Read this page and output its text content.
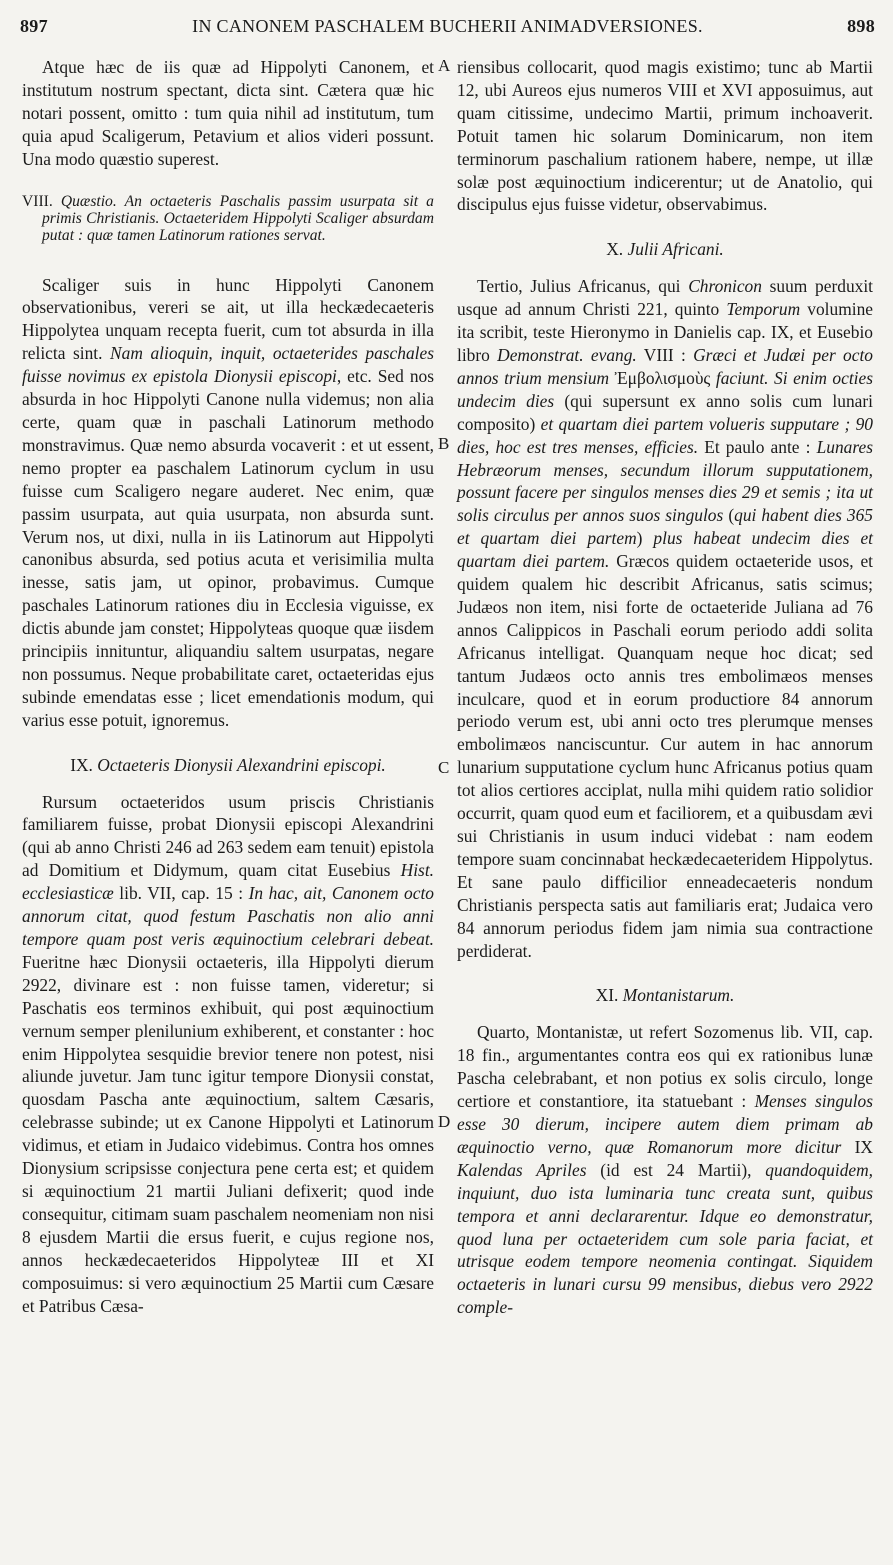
897	IN CANONEM PASCHALEM BUCHERII ANIMADVERSIONES.	898
A
B
C
D

Atque hæc de iis quæ ad Hippolyti Canonem, et institutum nostrum spectant, dicta sint. Cætera quæ hic notari possent, omitto : tum quia nihil ad institutum, tum quia apud Scaligerum, Petavium et alios videri possunt. Una modo quæstio superest.

VIII. Quæstio. An octaeteris Paschalis passim usurpata sit a primis Christianis. Octaeteridem Hippolyti Scaliger absurdam putat : quæ tamen Latinorum rationes servat.

Scaliger suis in hunc Hippolyti Canonem observationibus, vereri se ait, ut illa heckædecaeteris Hippolytea unquam recepta fuerit, cum tot absurda in illa relicta sint. Nam alioquin, inquit, octaeterides paschales fuisse novimus ex epistola Dionysii episcopi, etc. Sed nos absurda in hoc Hippolyti Canone nulla videmus; non alia certe, quam quæ in paschali Latinorum methodo monstravimus. Quæ nemo absurda vocaverit : et ut essent, nemo propter ea paschalem Latinorum cyclum in usu fuisse cum Scaligero negare auderet. Nec enim, quæ passim usurpata, aut quia usurpata, non absurda sunt. Verum nos, ut dixi, nulla in iis Latinorum aut Hippolyti canonibus absurda, sed potius acuta et verisimilia multa inesse, satis jam, ut opinor, probavimus. Cumque paschales Latinorum rationes diu in Ecclesia viguisse, ex dictis abunde jam constet; Hippolyteas quoque quæ iisdem principiis innituntur, aliquandiu saltem usurpatas, negare non possumus. Neque probabilitate caret, octaeteridas ejus subinde emendatas esse ; licet emendationis modum, qui varius esse potuit, ignoremus.

IX. Octaeteris Dionysii Alexandrini episcopi.

Rursum octaeteridos usum priscis Christianis familiarem fuisse, probat Dionysii episcopi Alexandrini (qui ab anno Christi 246 ad 263 sedem eam tenuit) epistola ad Domitium et Didymum, quam citat Eusebius Hist. ecclesiasticæ lib. VII, cap. 15 : In hac, ait, Canonem octo annorum citat, quod festum Paschatis non alio anni tempore quam post veris æquinoctium celebrari debeat. Fueritne hæc Dionysii octaeteris, illa Hippolyti dierum 2922, divinare est : non fuisse tamen, videretur; si Paschatis eos terminos exhibuit, qui post æquinoctium vernum semper plenilunium exhiberent, et constanter : hoc enim Hippolytea sesquidie brevior tenere non potest, nisi aliunde juvetur. Jam tunc igitur tempore Dionysii constat, quosdam Pascha ante æquinoctium, saltem Cæsaris, celebrasse subinde; ut ex Canone Hippolyti et Latinorum vidimus, et etiam in Judaico videbimus. Contra hos omnes Dionysium scripsisse conjectura pene certa est; et quidem si æquinoctium 21 martii Juliani defixerit; quod inde consequitur, citimam suam paschalem neomeniam non nisi 8 ejusdem Martii die ersus fuerit, e cujus regione nos, annos heckædecaeteridos Hippolyteæ III et XI composuimus: si vero æquinoctium 25 Martii cum Cæsare et Patribus Cæsa-

riensibus collocarit, quod magis existimo; tunc ab Martii 12, ubi Aureos ejus numeros VIII et XVI apposuimus, aut quam citissime, undecimo Martii, primum inchoaverit. Potuit tamen hic solarum Dominicarum, non item terminorum paschalium rationem habere, nempe, ut illæ solæ post æquinoctium indicerentur; ut de Anatolio, qui discipulus ejus fuisse videtur, observabimus.

X. Julii Africani.

Tertio, Julius Africanus, qui Chronicon suum perduxit usque ad annum Christi 221, quinto Temporum volumine ita scribit, teste Hieronymo in Danielis cap. IX, et Eusebio libro Demonstrat. evang. VIII : Græci et Judæi per octo annos trium mensium Ἐμβολισμοὺς faciunt. Si enim octies undecim dies (qui supersunt ex anno solis cum lunari composito) et quartam diei partem volueris supputare ; 90 dies, hoc est tres menses, efficies. Et paulo ante : Lunares Hebræorum menses, secundum illorum supputationem, possunt facere per singulos menses dies 29 et semis ; ita ut solis circulus per annos suos singulos (qui habent dies 365 et quartam diei partem) plus habeat undecim dies et quartam diei partem. Græcos quidem octaeteride usos, et quidem qualem hic describit Africanus, satis scimus; Judæos non item, nisi forte de octaeteride Juliana ad 76 annos Calippicos in Paschali eorum periodo addi solita Africanus intelligat. Quanquam neque hoc dicat; sed tantum Judæos octo annis tres embolimæos menses inculcare, quod et in eorum productiore 84 annorum periodo verum est, ubi anni octo tres plerumque menses embolimæos nanciscuntur. Cur autem in hac annorum lunarium supputatione cyclum hunc Africanus potius quam tot alios certiores acciplat, nulla mihi quidem ratio solidior occurrit, quam quod eum et faciliorem, et a quibusdam ævi sui Christianis in usum induci videbat : nam eodem tempore suam concinnabat heckædecaeteridem Hippolytus. Et sane paulo difficilior enneadecaeteris nondum Christianis perspecta satis aut familiaris erat; Judaica vero 84 annorum periodus fidem jam nimia sua contractione perdiderat.

XI. Montanistarum.

Quarto, Montanistæ, ut refert Sozomenus lib. VII, cap. 18 fin., argumentantes contra eos qui ex rationibus lunæ Pascha celebrabant, et non potius ex solis circulo, longe certiore et constantiore, ita statuebant : Menses singulos esse 30 dierum, incipere autem diem primam ab æquinoctio verno, quæ Romanorum more dicitur IX Kalendas Apriles (id est 24 Martii), quandoquidem, inquiunt, duo ista luminaria tunc creata sunt, quibus tempora et anni declararentur. Idque eo demonstratur, quod luna per octaeteridem cum sole paria faciat, et utrisque eodem tempore neomenia contingat. Siquidem octaeteris in lunari cursu 99 mensibus, diebus vero 2922 comple-
